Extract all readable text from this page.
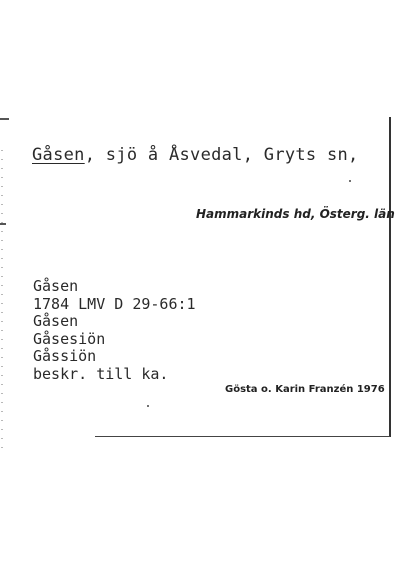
Gåsen, sjö å Åsvedal, Gryts sn,
Hammarkinds hd, Österg. län
Gåsen
1784 LMV D 29-66:1
Gåsen
Gåsesiön
Gåssiön
beskr. till ka.
Gösta o. Karin Franzén 1976
